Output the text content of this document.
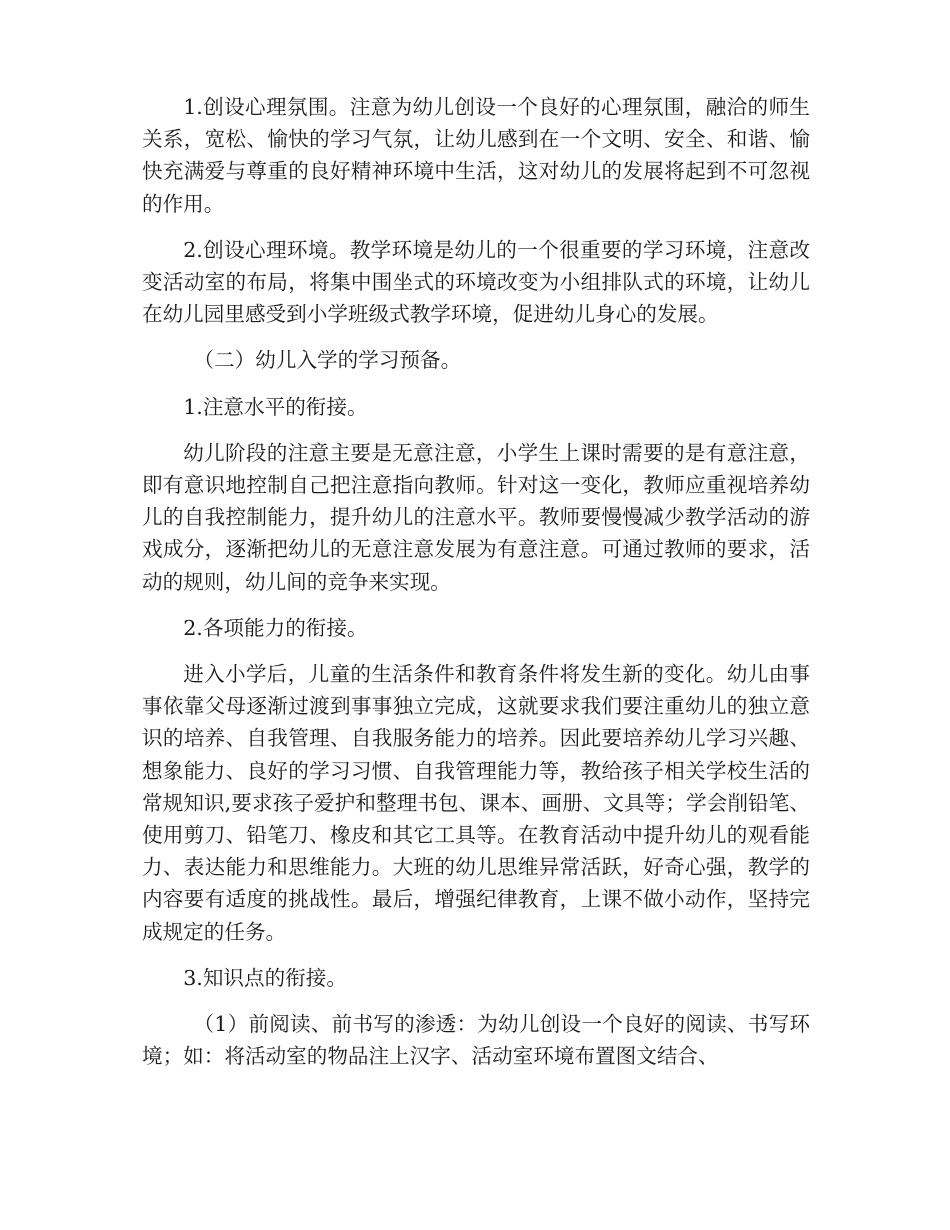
1.创设心理氛围。注意为幼儿创设一个良好的心理氛围，融洽的师生关系，宽松、愉快的学习气氛，让幼儿感到在一个文明、安全、和谐、愉快充满爱与尊重的良好精神环境中生活，这对幼儿的发展将起到不可忽视的作用。

2.创设心理环境。教学环境是幼儿的一个很重要的学习环境，注意改变活动室的布局，将集中围坐式的环境改变为小组排队式的环境，让幼儿在幼儿园里感受到小学班级式教学环境，促进幼儿身心的发展。

（二）幼儿入学的学习预备。

1.注意水平的衔接。

幼儿阶段的注意主要是无意注意，小学生上课时需要的是有意注意，即有意识地控制自己把注意指向教师。针对这一变化，教师应重视培养幼儿的自我控制能力，提升幼儿的注意水平。教师要慢慢减少教学活动的游戏成分，逐渐把幼儿的无意注意发展为有意注意。可通过教师的要求，活动的规则，幼儿间的竞争来实现。

2.各项能力的衔接。

进入小学后，儿童的生活条件和教育条件将发生新的变化。幼儿由事事依靠父母逐渐过渡到事事独立完成，这就要求我们要注重幼儿的独立意识的培养、自我管理、自我服务能力的培养。因此要培养幼儿学习兴趣、想象能力、良好的学习习惯、自我管理能力等，教给孩子相关学校生活的常规知识,要求孩子爱护和整理书包、课本、画册、文具等；学会削铅笔、使用剪刀、铅笔刀、橡皮和其它工具等。在教育活动中提升幼儿的观看能力、表达能力和思维能力。大班的幼儿思维异常活跃，好奇心强，教学的内容要有适度的挑战性。最后，增强纪律教育，上课不做小动作，坚持完成规定的任务。

3.知识点的衔接。

（1）前阅读、前书写的渗透：为幼儿创设一个良好的阅读、书写环境；如：将活动室的物品注上汉字、活动室环境布置图文结合、
